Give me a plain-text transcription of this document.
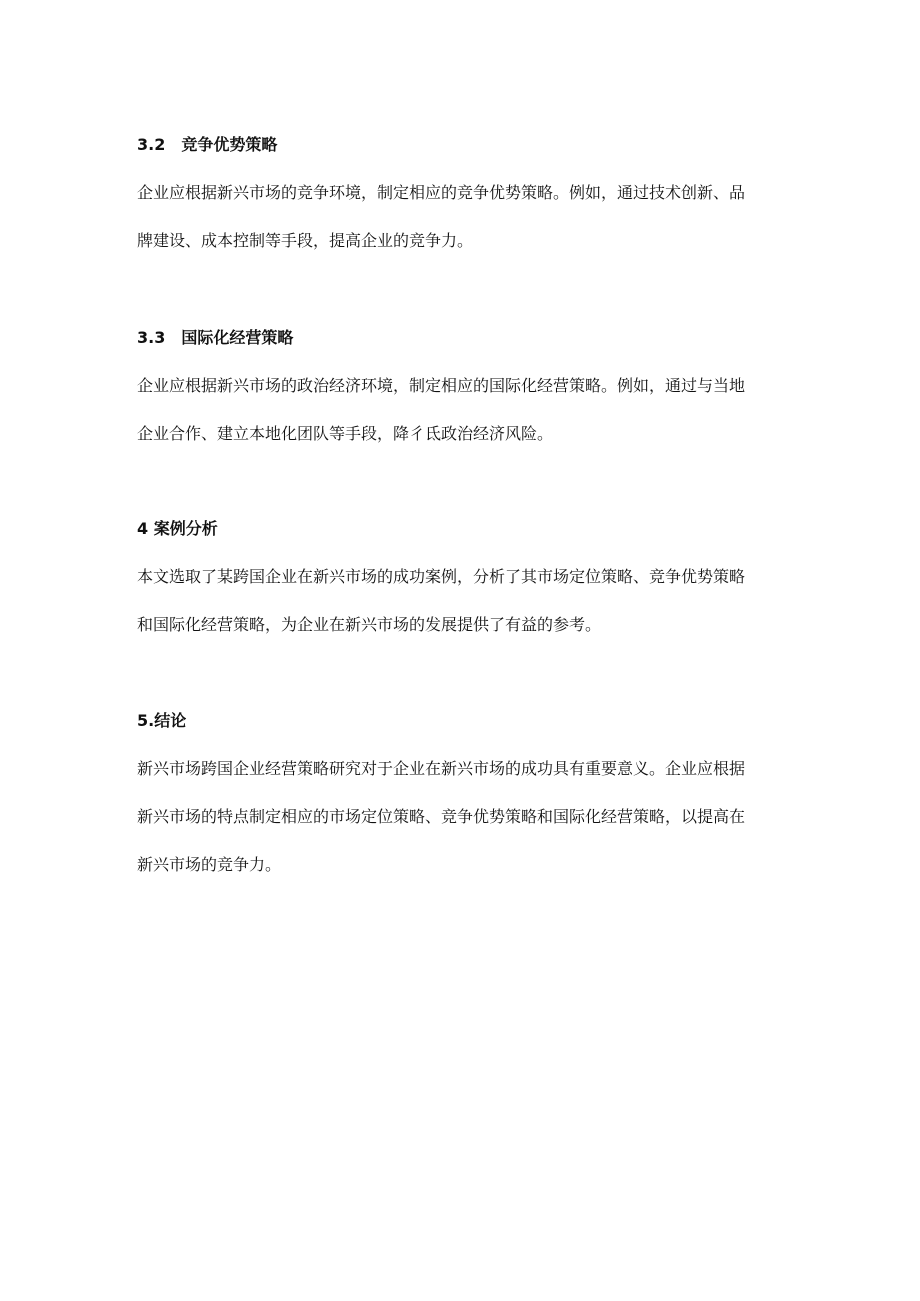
3.2 竞争优势策略

企业应根据新兴市场的竞争环境，制定相应的竞争优势策略。例如，通过技术创新、品
牌建设、成本控制等手段，提高企业的竞争力。

3.3 国际化经营策略

企业应根据新兴市场的政治经济环境，制定相应的国际化经营策略。例如，通过与当地
企业合作、建立本地化团队等手段，降彳氐政治经济风险。

4 案例分析

本文选取了某跨国企业在新兴市场的成功案例，分析了其市场定位策略、竞争优势策略
和国际化经营策略，为企业在新兴市场的发展提供了有益的参考。

5.结论

新兴市场跨国企业经营策略研究对于企业在新兴市场的成功具有重要意义。企业应根据
新兴市场的特点制定相应的市场定位策略、竞争优势策略和国际化经营策略，以提高在
新兴市场的竞争力。
